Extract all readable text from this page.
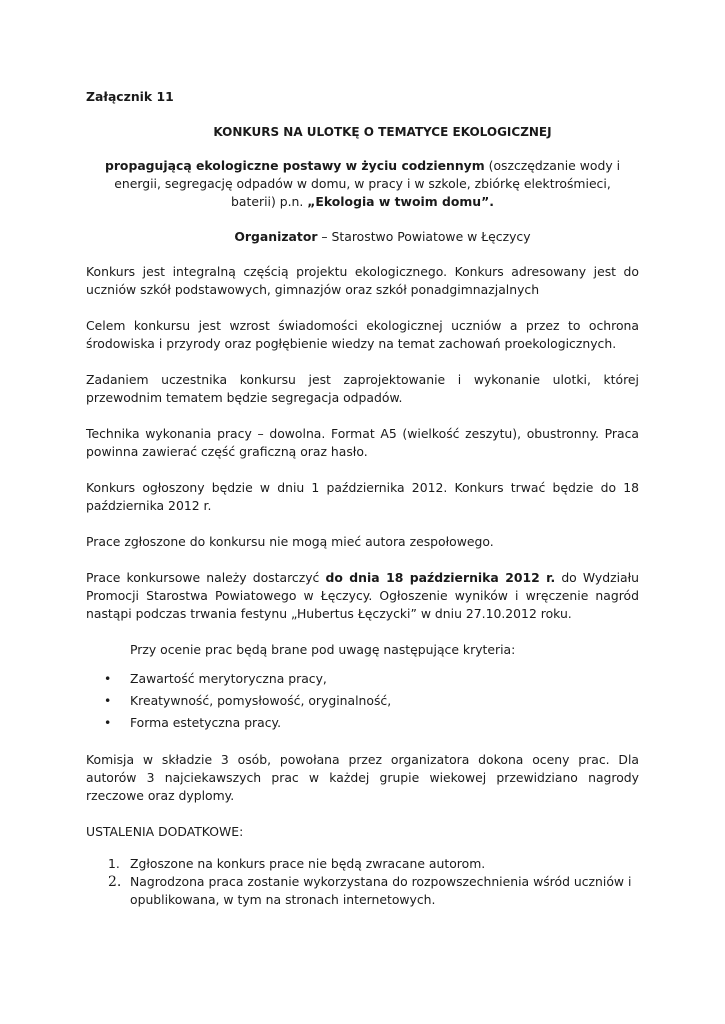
Załącznik 11

KONKURS NA ULOTKĘ O TEMATYCE EKOLOGICZNEJ

propagującą ekologiczne postawy w życiu codziennym (oszczędzanie wody i energii, segregację odpadów w domu, w pracy i w szkole, zbiórkę elektrośmieci, baterii) p.n. „Ekologia w twoim domu”.

Organizator – Starostwo Powiatowe w Łęczycy

Konkurs jest integralną częścią projektu ekologicznego. Konkurs adresowany jest do uczniów szkół podstawowych, gimnazjów oraz szkół ponadgimnazjalnych

Celem konkursu jest wzrost świadomości ekologicznej uczniów a przez to ochrona środowiska i przyrody oraz pogłębienie wiedzy na temat zachowań proekologicznych.

Zadaniem uczestnika konkursu jest zaprojektowanie i wykonanie ulotki, której przewodnim tematem będzie segregacja odpadów.

Technika wykonania pracy – dowolna. Format A5 (wielkość zeszytu), obustronny. Praca powinna zawierać część graficzną oraz hasło.

Konkurs ogłoszony będzie w dniu 1 października 2012. Konkurs trwać będzie do 18 października 2012 r.

Prace zgłoszone do konkursu nie mogą mieć autora zespołowego.

Prace konkursowe należy dostarczyć do dnia 18 października 2012 r. do Wydziału Promocji Starostwa Powiatowego w Łęczycy. Ogłoszenie wyników i wręczenie nagród nastąpi podczas trwania festynu „Hubertus Łęczycki” w dniu 27.10.2012 roku.

Przy ocenie prac będą brane pod uwagę następujące kryteria:

• Zawartość merytoryczna pracy,
• Kreatywność, pomysłowość, oryginalność,
• Forma estetyczna pracy.

Komisja w składzie 3 osób, powołana przez organizatora dokona oceny prac. Dla autorów 3 najciekawszych prac w każdej grupie wiekowej przewidziano nagrody rzeczowe oraz dyplomy.

USTALENIA DODATKOWE:

1. Zgłoszone na konkurs prace nie będą zwracane autorom.
2. Nagrodzona praca zostanie wykorzystana do rozpowszechnienia wśród uczniów i opublikowana, w tym na stronach internetowych.
